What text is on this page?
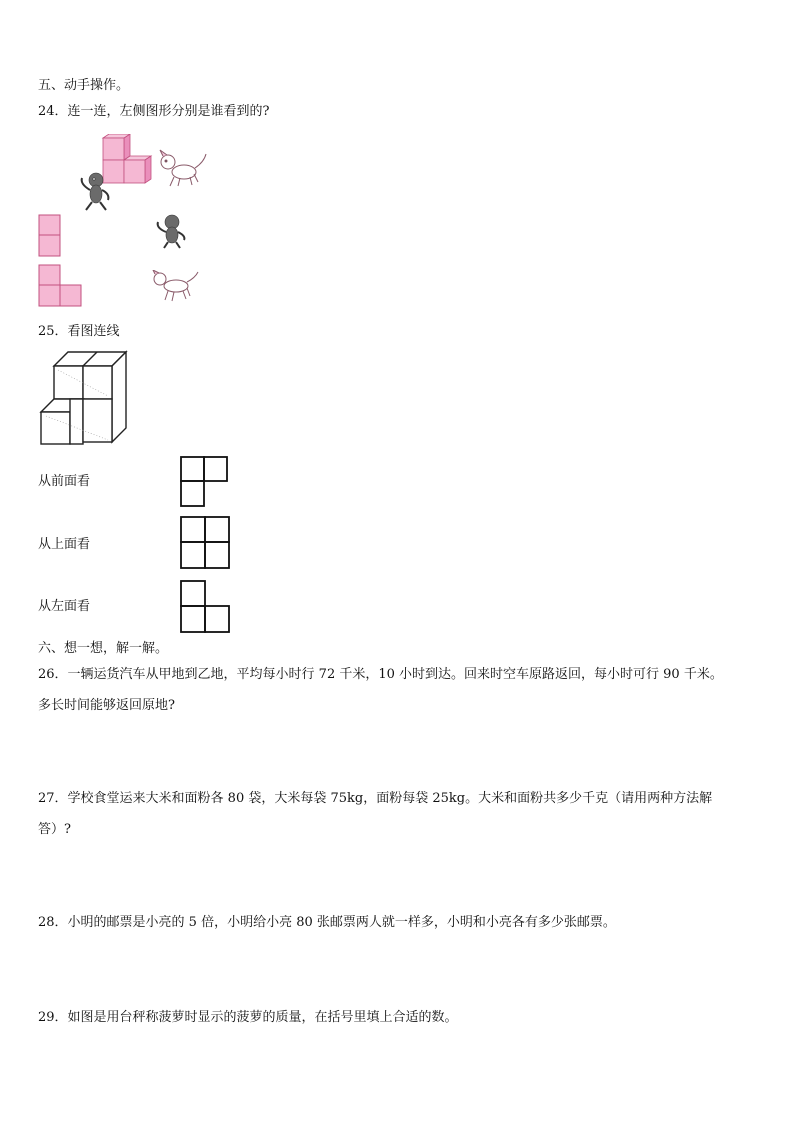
五、动手操作。
24．连一连，左侧图形分别是谁看到的?
25．看图连线
从前面看
从上面看
从左面看
六、想一想，解一解。
26．一辆运货汽车从甲地到乙地，平均每小时行 72 千米，10 小时到达。回来时空车原路返回，每小时可行 90 千米。
多长时间能够返回原地?
27．学校食堂运来大米和面粉各 80 袋，大米每袋 75kg，面粉每袋 25kg。大米和面粉共多少千克（请用两种方法解
答）?
28．小明的邮票是小亮的 5 倍，小明给小亮 80 张邮票两人就一样多，小明和小亮各有多少张邮票。
29．如图是用台秤称菠萝时显示的菠萝的质量，在括号里填上合适的数。
